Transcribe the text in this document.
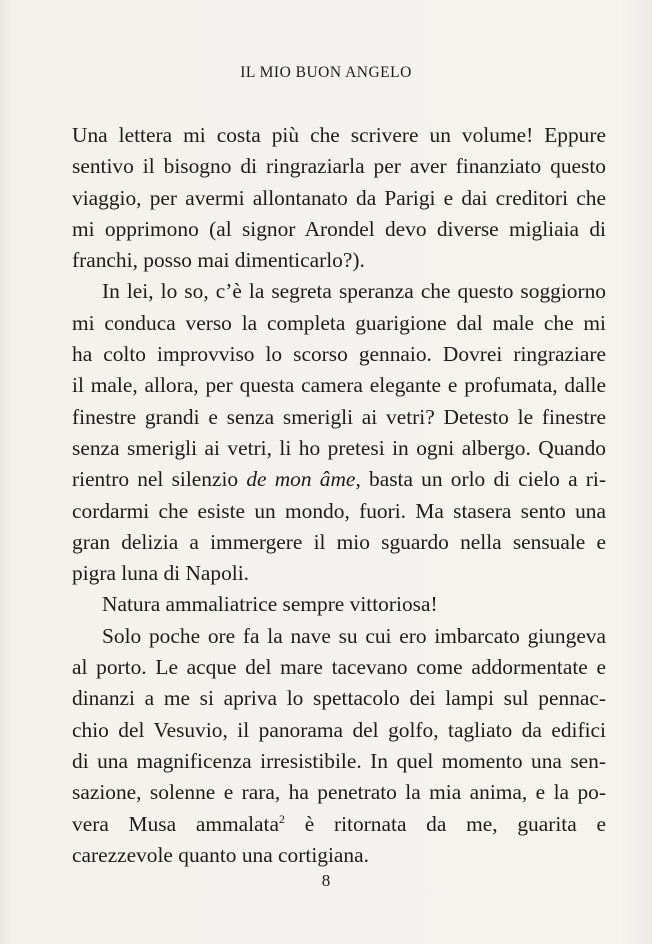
IL MIO BUON ANGELO

Una lettera mi costa più che scrivere un volume! Eppure
sentivo il bisogno di ringraziarla per aver finanziato questo
viaggio, per avermi allontanato da Parigi e dai creditori che
mi opprimono (al signor Arondel devo diverse migliaia di
franchi, posso mai dimenticarlo?).

In lei, lo so, c’è la segreta speranza che questo soggiorno
mi conduca verso la completa guarigione dal male che mi
ha colto improvviso lo scorso gennaio. Dovrei ringraziare
il male, allora, per questa camera elegante e profumata, dalle
finestre grandi e senza smerigli ai vetri? Detesto le finestre
senza smerigli ai vetri, li ho pretesi in ogni albergo. Quando
rientro nel silenzio de mon âme, basta un orlo di cielo a ri-
cordarmi che esiste un mondo, fuori. Ma stasera sento una
gran delizia a immergere il mio sguardo nella sensuale e
pigra luna di Napoli.

Natura ammaliatrice sempre vittoriosa!

Solo poche ore fa la nave su cui ero imbarcato giungeva
al porto. Le acque del mare tacevano come addormentate e
dinanzi a me si apriva lo spettacolo dei lampi sul pennac-
chio del Vesuvio, il panorama del golfo, tagliato da edifici
di una magnificenza irresistibile. In quel momento una sen-
sazione, solenne e rara, ha penetrato la mia anima, e la po-
vera Musa ammalata$^2$ è ritornata da me, guarita e
carezzevole quanto una cortigiana.

8
